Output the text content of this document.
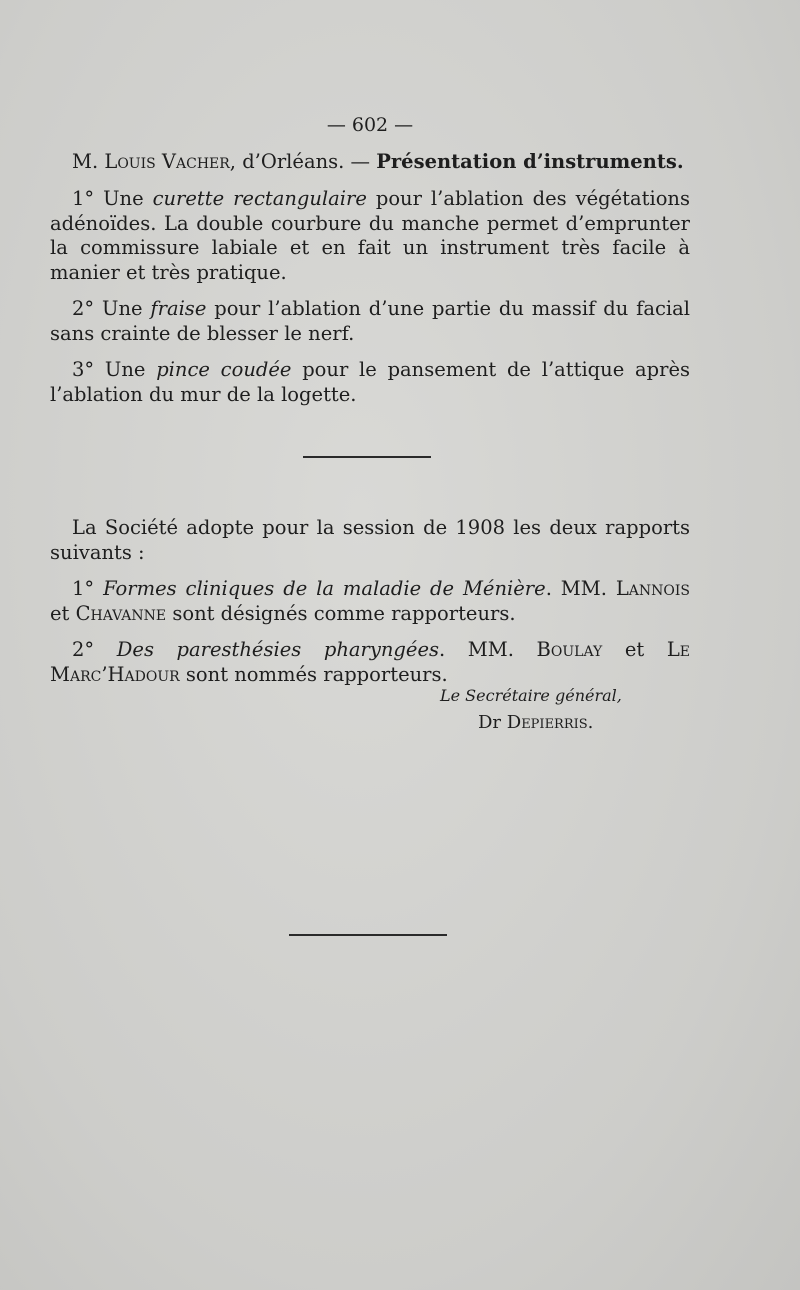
— 602 —

M. Louis Vacher, d’Orléans. — Présentation d’instruments.

1° Une curette rectangulaire pour l’ablation des végétations adénoïdes. La double courbure du manche permet d’emprunter la commissure labiale et en fait un instrument très facile à manier et très pratique.

2° Une fraise pour l’ablation d’une partie du massif du facial sans crainte de blesser le nerf.

3° Une pince coudée pour le pansement de l’attique après l’ablation du mur de la logette.

La Société adopte pour la session de 1908 les deux rapports suivants :

1° Formes cliniques de la maladie de Ménière. MM. Lannois et Chavanne sont désignés comme rapporteurs.

2° Des paresthésies pharyngées. MM. Boulay et Le Marc’Hadour sont nommés rapporteurs.

Le Secrétaire général,
Dr Depierris.
